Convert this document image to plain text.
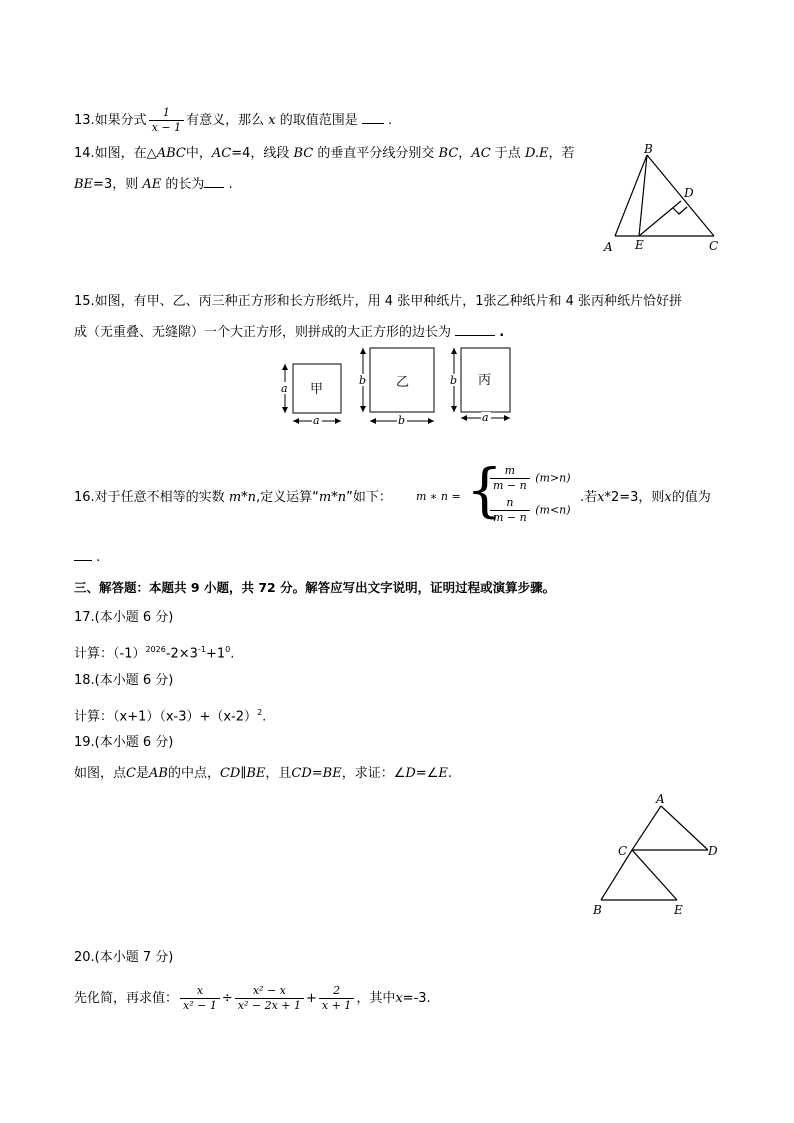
13.如果分式 $\frac{1}{x - 1}$ 有意义，那么 x 的取值范围是 .
14.如图，在△ABC中，AC=4，线段 BC 的垂直平分线分别交 BC，AC 于点 D.E，若
BE=3，则 AE 的长为 .
B
D
A E	C
15.如图，有甲、乙、丙三种正方形和长方形纸片，用 4 张甲种纸片，1张乙种纸片和 4 张丙种纸片恰好拼
成（无重叠、无缝隙）一个大正方形，则拼成的大正方形的边长为	.
a
a
甲
b
b
乙	b
a
丙
16.对于任意不相等的实数 m*n,定义运算“m*n”如下： m ∗ n = {
$\frac{m}{m - n} (m>n)$
$\frac{n}{m - n} (m<n)$
.若x*2=3，则x的值为
.
三、解答题：本题共 9 小题，共 72 分。解答应写出文字说明，证明过程或演算步骤。
17.(本小题 6 分)
计算：$(-1)^{2026}-2\times 3^{-1}+1^0$.
18.(本小题 6 分)
计算：$(x+1)(x-3)+(x-2)^2$.
19.(本小题 6 分)
如图，点C是AB的中点，CD∥BE，且CD=BE，求证：∠D=∠E.
A
C	D
B	E
20.(本小题 7 分)
先化简，再求值： $\frac{x}{\text{x² − 1}} \div \frac{\text{x² − x}}{\text{x² − 2x + 1}} + \frac{2}{x + 1}$ ，其中x=-3.
